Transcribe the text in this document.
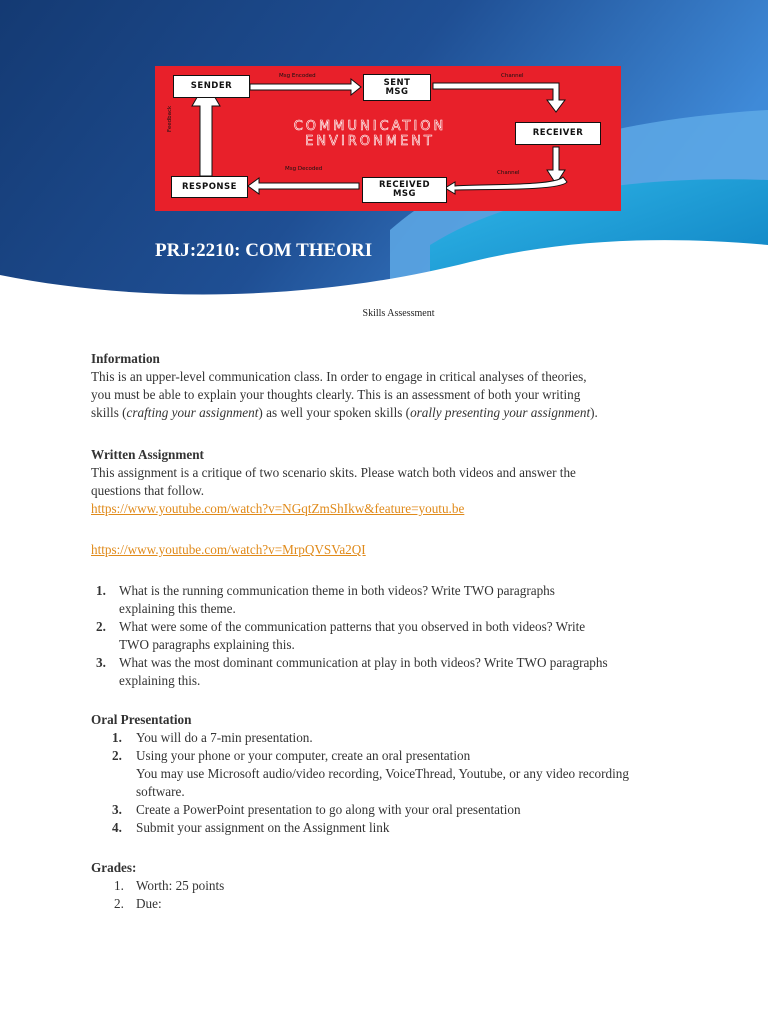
SENDER	SENT
MSG
RECEIVER
RECEIVED
MSG
RESPONSE
Msg Encoded	Channel
Channel
Msg Decoded
Feedback	COMMUNICATION
ENVIRONMENT
PRJ:2210: COM THEORI

Skills Assessment

Information

This is an upper-level communication class. In order to engage in critical analyses of theories,

you must be able to explain your thoughts clearly. This is an assessment of both your writing

skills (crafting your assignment) as well your spoken skills (orally presenting your assignment).

Written Assignment

This assignment is a critique of two scenario skits. Please watch both videos and answer the

questions that follow.

https://www.youtube.com/watch?v=NGqtZmShIkw&feature=youtu.be
https://www.youtube.com/watch?v=MrpQVSVa2QI
1. What is the running communication theme in both videos? Write TWO paragraphs
explaining this theme.
2. What were some of the communication patterns that you observed in both videos? Write
TWO paragraphs explaining this.
3. What was the most dominant communication at play in both videos? Write TWO paragraphs
explaining this.

Oral Presentation

1. You will do a 7-min presentation.
2. Using your phone or your computer, create an oral presentation
You may use Microsoft audio/video recording, VoiceThread, Youtube, or any video recording
software.
3. Create a PowerPoint presentation to go along with your oral presentation
4. Submit your assignment on the Assignment link

Grades:

1. Worth: 25 points
2. Due:
